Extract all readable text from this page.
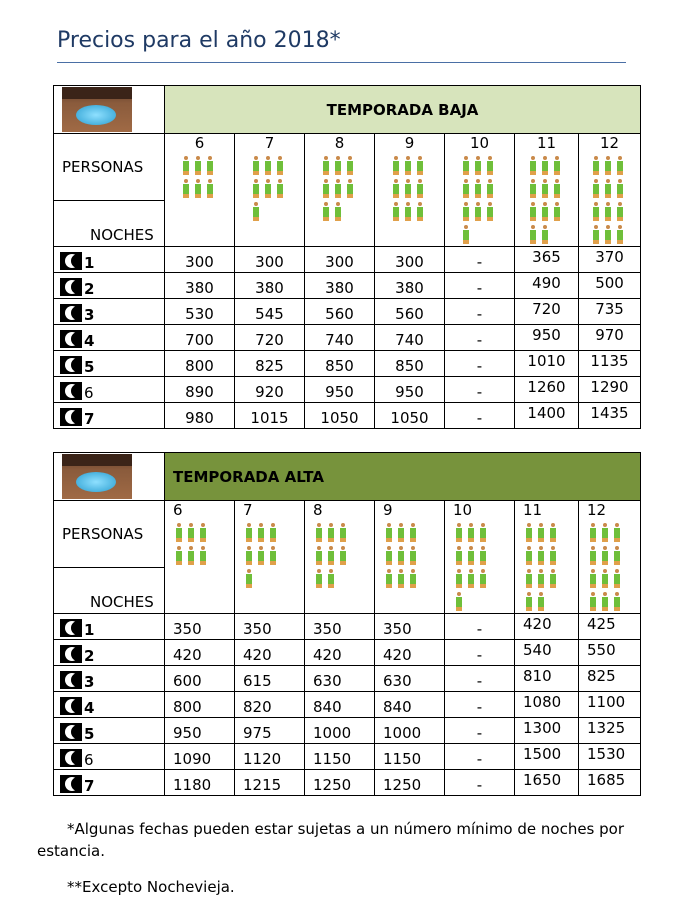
Precios para el año 2018*
	TEMPORADA BAJA						
PERSONAS	6	7	8	9	10	11	12

NOCHES							
1	300	300	300	300	-	365	370
2	380	380	380	380	-	490	500
3	530	545	560	560	-	720	735
4	700	720	740	740	-	950	970
5	800	825	850	850	-	1010	1135
6	890	920	950	950	-	1260	1290
7	980	1015	1050	1050	-	1400	1435
	TEMPORADA ALTA						
PERSONAS	6	7	8	9	10	11	12

NOCHES							
1	350	350	350	350	-	420	425
2	420	420	420	420	-	540	550
3	600	615	630	630	-	810	825
4	800	820	840	840	-	1080	1100
5	950	975	1000	1000	-	1300	1325
6	1090	1120	1150	1150	-	1500	1530
7	1180	1215	1250	1250	-	1650	1685

*Algunas fechas pueden estar sujetas a un número mínimo de noches por estancia.

**Excepto Nochevieja.
